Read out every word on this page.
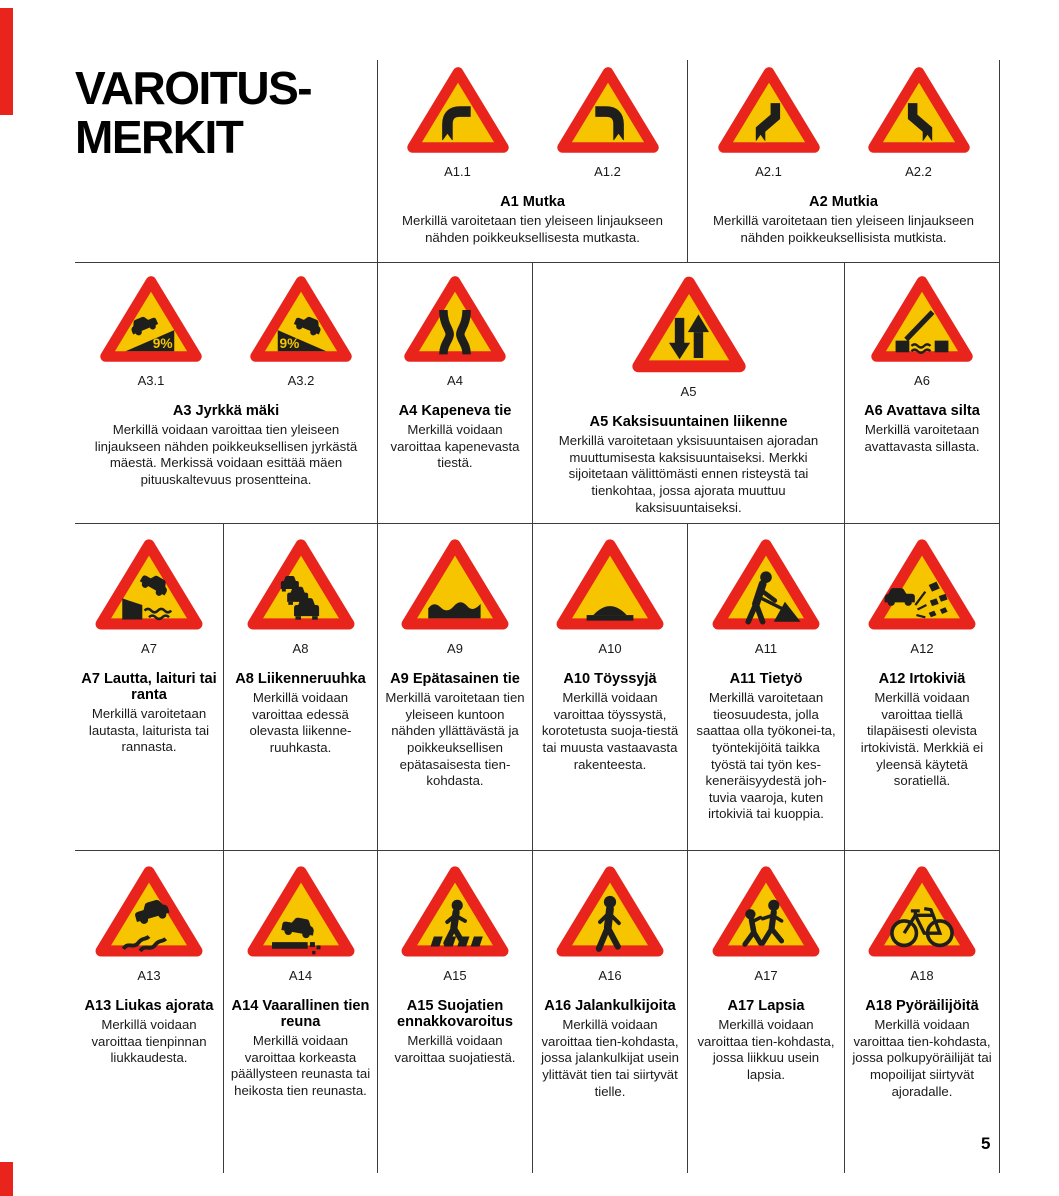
VAROITUS-
MERKIT
A1.1	A1.2
A1 Mutka

Merkillä varoitetaan tien yleiseen linjaukseen nähden poikkeuksellisesta mutkasta.

A2.1	A2.2
A2 Mutkia

Merkillä varoitetaan tien yleiseen linjaukseen nähden poikkeuksellisista mutkista.

9%
A3.1
9%
A3.2
A3 Jyrkkä mäki

Merkillä voidaan varoittaa tien yleiseen linjaukseen nähden poikkeuksellisen jyrkästä mäestä. Merkissä voidaan esittää mäen pituuskaltevuus prosentteina.

A4
A4 Kapeneva tie

Merkillä voidaan varoittaa kapenevasta tiestä.

A5
A5 Kaksisuuntainen liikenne

Merkillä varoitetaan yksisuuntaisen ajoradan muuttumisesta kaksisuuntaiseksi. Merkki sijoitetaan välittömästi ennen risteystä tai tienkohtaa, jossa ajorata muuttuu kaksisuuntaiseksi.

A6
A6 Avattava silta

Merkillä varoitetaan avattavasta sillasta.

A7
A7 Lautta, laituri tai ranta

Merkillä varoitetaan lautasta, laiturista tai rannasta.

A8
A8 Liikenneruuhka

Merkillä voidaan varoittaa edessä olevasta liikenne-ruuhkasta.

A9
A9 Epätasainen tie

Merkillä varoitetaan tien yleiseen kuntoon nähden yllättävästä ja poikkeuksellisen epätasaisesta tien-kohdasta.

A10
A10 Töyssyjä

Merkillä voidaan varoittaa töyssystä, korotetusta suoja-tiestä tai muusta vastaavasta rakenteesta.

A11
A11 Tietyö

Merkillä varoitetaan tieosuudesta, jolla saattaa olla työkonei-ta, työntekijöitä taikka työstä tai työn kes-keneräisyydestä joh-tuvia vaaroja, kuten irtokiviä tai kuoppia.

A12
A12 Irtokiviä

Merkillä voidaan varoittaa tiellä tilapäisesti olevista irtokivistä. Merkkiä ei yleensä käytetä soratiellä.

A13
A13 Liukas ajorata

Merkillä voidaan varoittaa tienpinnan liukkaudesta.

A14
A14 Vaarallinen tien reuna

Merkillä voidaan varoittaa korkeasta päällysteen reunasta tai heikosta tien reunasta.

A15
A15 Suojatien ennakkovaroitus

Merkillä voidaan varoittaa suojatiestä.

A16
A16 Jalankulkijoita

Merkillä voidaan varoittaa tien-kohdasta, jossa jalankulkijat usein ylittävät tien tai siirtyvät tielle.

A17
A17 Lapsia

Merkillä voidaan varoittaa tien-kohdasta, jossa liikkuu usein lapsia.

A18
A18 Pyöräilijöitä

Merkillä voidaan varoittaa tien-kohdasta, jossa polkupyöräilijät tai mopoilijat siirtyvät ajoradalle.

5
